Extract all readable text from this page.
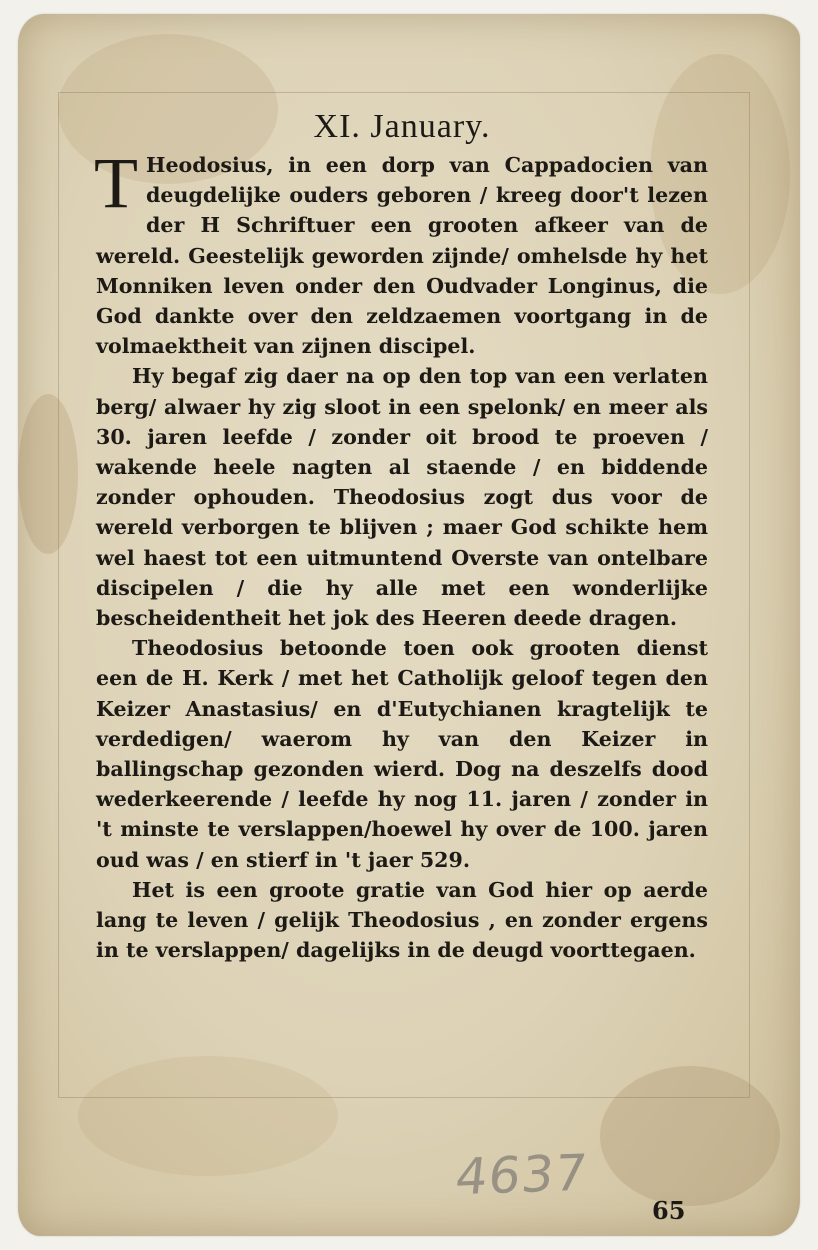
XI. January.

T Heodosius, in een dorp van Cappadocien van deugdelijke ouders geboren / kreeg door't lezen der H Schriftuer een grooten afkeer van de wereld. Geestelijk geworden zijnde/ omhelsde hy het Monniken leven onder den Oudvader Longinus, die God dankte over den zeldzaemen voortgang in de volmaektheit van zijnen discipel.

Hy begaf zig daer na op den top van een verlaten berg/ alwaer hy zig sloot in een spelonk/ en meer als 30. jaren leefde / zonder oit brood te proeven / wakende heele nagten al staende / en biddende zonder ophouden. Theodosius zogt dus voor de wereld verborgen te blijven ; maer God schikte hem wel haest tot een uitmuntend Overste van ontelbare discipelen / die hy alle met een wonderlijke bescheidentheit het jok des Heeren deede dragen.

Theodosius betoonde toen ook grooten dienst een de H. Kerk / met het Catholijk geloof tegen den Keizer Anastasius/ en d'Eutychianen kragtelijk te verdedigen/ waerom hy van den Keizer in ballingschap gezonden wierd. Dog na deszelfs dood wederkeerende / leefde hy nog 11. jaren / zonder in 't minste te verslappen/hoewel hy over de 100. jaren oud was / en stierf in 't jaer 529.

Het is een groote gratie van God hier op aerde lang te leven / gelijk Theodosius , en zonder ergens in te verslappen/ dagelijks in de deugd voorttegaen.

4637
65
